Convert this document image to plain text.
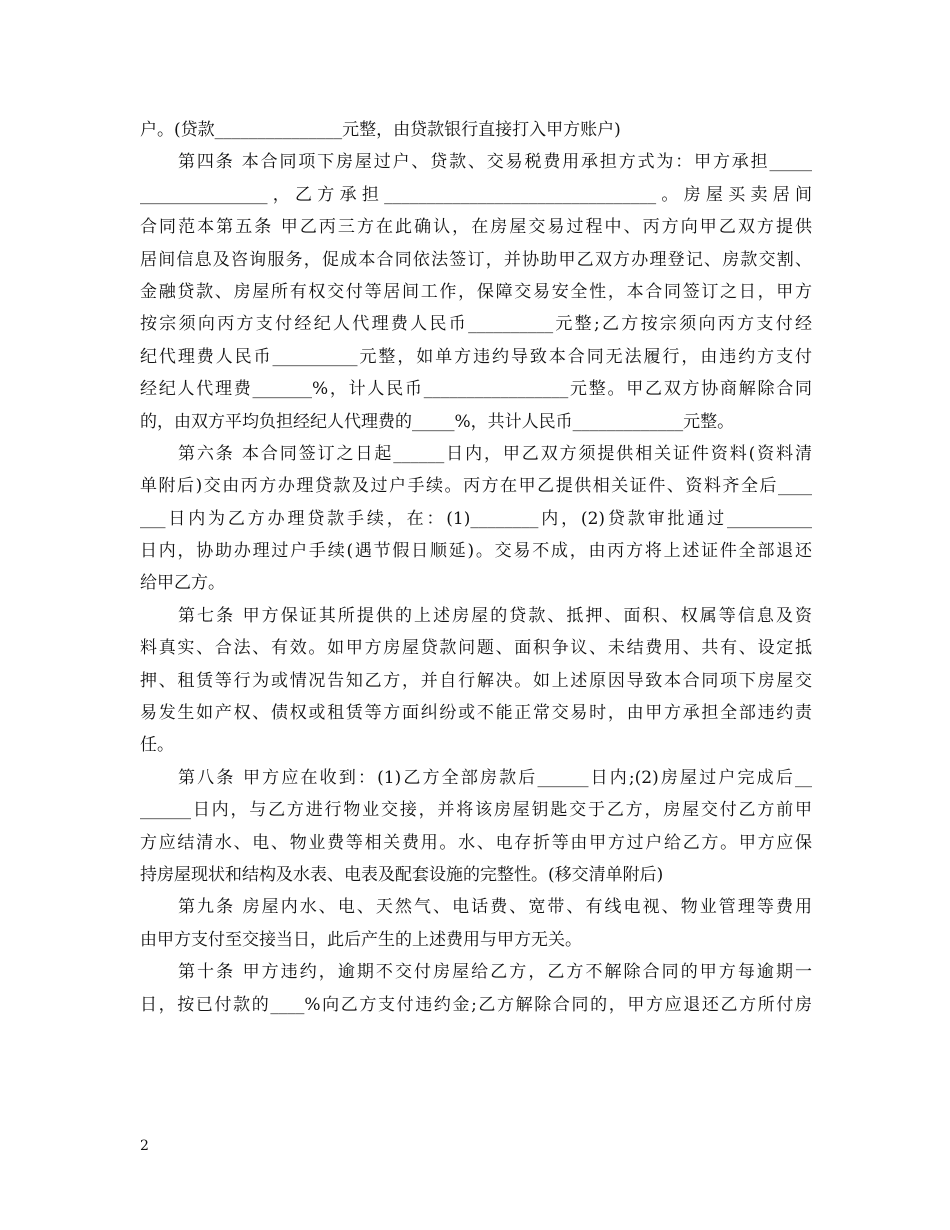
户。(贷款_______________元整，由贷款银行直接打入甲方账户)
第四条 本合同项下房屋过户、贷款、交易税费用承担方式为：甲方承担_____
_______________，乙方承担________________________________。房屋买卖居间
合同范本第五条 甲乙丙三方在此确认，在房屋交易过程中、丙方向甲乙双方提供
居间信息及咨询服务，促成本合同依法签订，并协助甲乙双方办理登记、房款交割、
金融贷款、房屋所有权交付等居间工作，保障交易安全性，本合同签订之日，甲方
按宗须向丙方支付经纪人代理费人民币__________元整;乙方按宗须向丙方支付经
纪代理费人民币__________元整，如单方违约导致本合同无法履行，由违约方支付
经纪人代理费_______%，计人民币_________________元整。甲乙双方协商解除合同
的，由双方平均负担经纪人代理费的_____%，共计人民币_____________元整。
第六条 本合同签订之日起______日内，甲乙双方须提供相关证件资料(资料清
单附后)交由丙方办理贷款及过户手续。丙方在甲乙提供相关证件、资料齐全后____
___日内为乙方办理贷款手续，在：(1)________内，(2)贷款审批通过__________
日内，协助办理过户手续(遇节假日顺延)。交易不成，由丙方将上述证件全部退还
给甲乙方。
第七条 甲方保证其所提供的上述房屋的贷款、抵押、面积、权属等信息及资
料真实、合法、有效。如甲方房屋贷款问题、面积争议、未结费用、共有、设定抵
押、租赁等行为或情况告知乙方，并自行解决。如上述原因导致本合同项下房屋交
易发生如产权、债权或租赁等方面纠纷或不能正常交易时，由甲方承担全部违约责
任。
第八条 甲方应在收到：(1)乙方全部房款后______日内;(2)房屋过户完成后__
______日内，与乙方进行物业交接，并将该房屋钥匙交于乙方，房屋交付乙方前甲
方应结清水、电、物业费等相关费用。水、电存折等由甲方过户给乙方。甲方应保
持房屋现状和结构及水表、电表及配套设施的完整性。(移交清单附后)
第九条 房屋内水、电、天然气、电话费、宽带、有线电视、物业管理等费用
由甲方支付至交接当日，此后产生的上述费用与甲方无关。
第十条 甲方违约，逾期不交付房屋给乙方，乙方不解除合同的甲方每逾期一
日，按已付款的____%向乙方支付违约金;乙方解除合同的，甲方应退还乙方所付房
2
